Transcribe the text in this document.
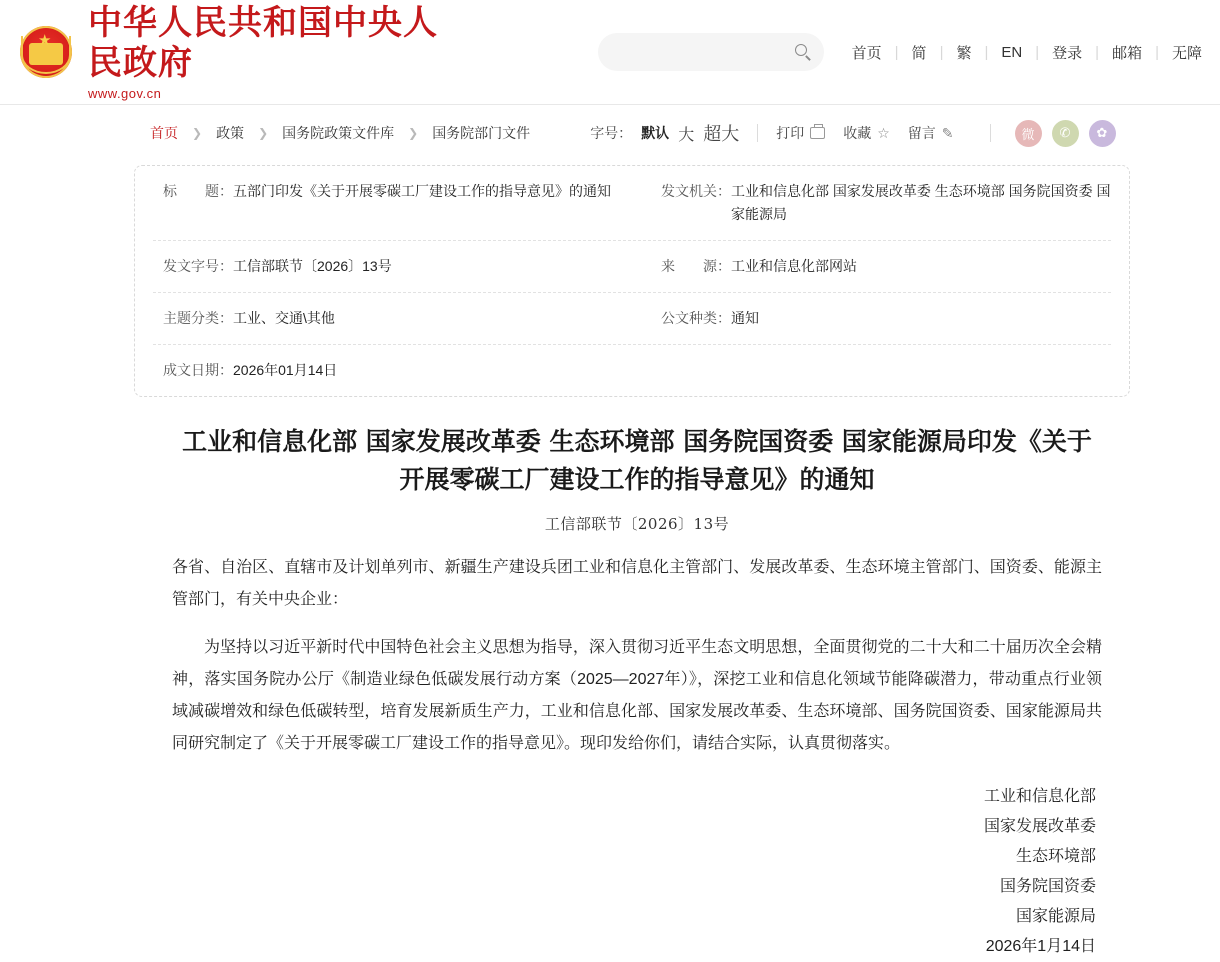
★ 中华人民共和国中央人民政府
www.gov.cn
首页 | 简 | 繁 | EN | 登录 | 邮箱 | 无障
首页 ❯ 政策 ❯ 国务院政策文件库 ❯ 国务院部门文件	字号： 默认 大 超大	打印	收藏 ☆ 留言 ✎	微	✆	✿
标　　题： 五部门印发《关于开展零碳工厂建设工作的指导意见》的通知	发文机关： 工业和信息化部 国家发展改革委 生态环境部 国务院国资委 国家能源局
发文字号： 工信部联节〔2026〕13号	来　　源： 工业和信息化部网站
主题分类： 工业、交通\其他	公文种类： 通知
成文日期： 2026年01月14日
工业和信息化部 国家发展改革委 生态环境部 国务院国资委 国家能源局印发《关于开展零碳工厂建设工作的指导意见》的通知
工信部联节〔2026〕13号

各省、自治区、直辖市及计划单列市、新疆生产建设兵团工业和信息化主管部门、发展改革委、生态环境主管部门、国资委、能源主管部门，有关中央企业：

为坚持以习近平新时代中国特色社会主义思想为指导，深入贯彻习近平生态文明思想，全面贯彻党的二十大和二十届历次全会精神，落实国务院办公厅《制造业绿色低碳发展行动方案（2025—2027年）》，深挖工业和信息化领域节能降碳潜力，带动重点行业领域减碳增效和绿色低碳转型，培育发展新质生产力，工业和信息化部、国家发展改革委、生态环境部、国务院国资委、国家能源局共同研究制定了《关于开展零碳工厂建设工作的指导意见》。现印发给你们，请结合实际，认真贯彻落实。

工业和信息化部
国家发展改革委
生态环境部
国务院国资委
国家能源局
2026年1月14日
